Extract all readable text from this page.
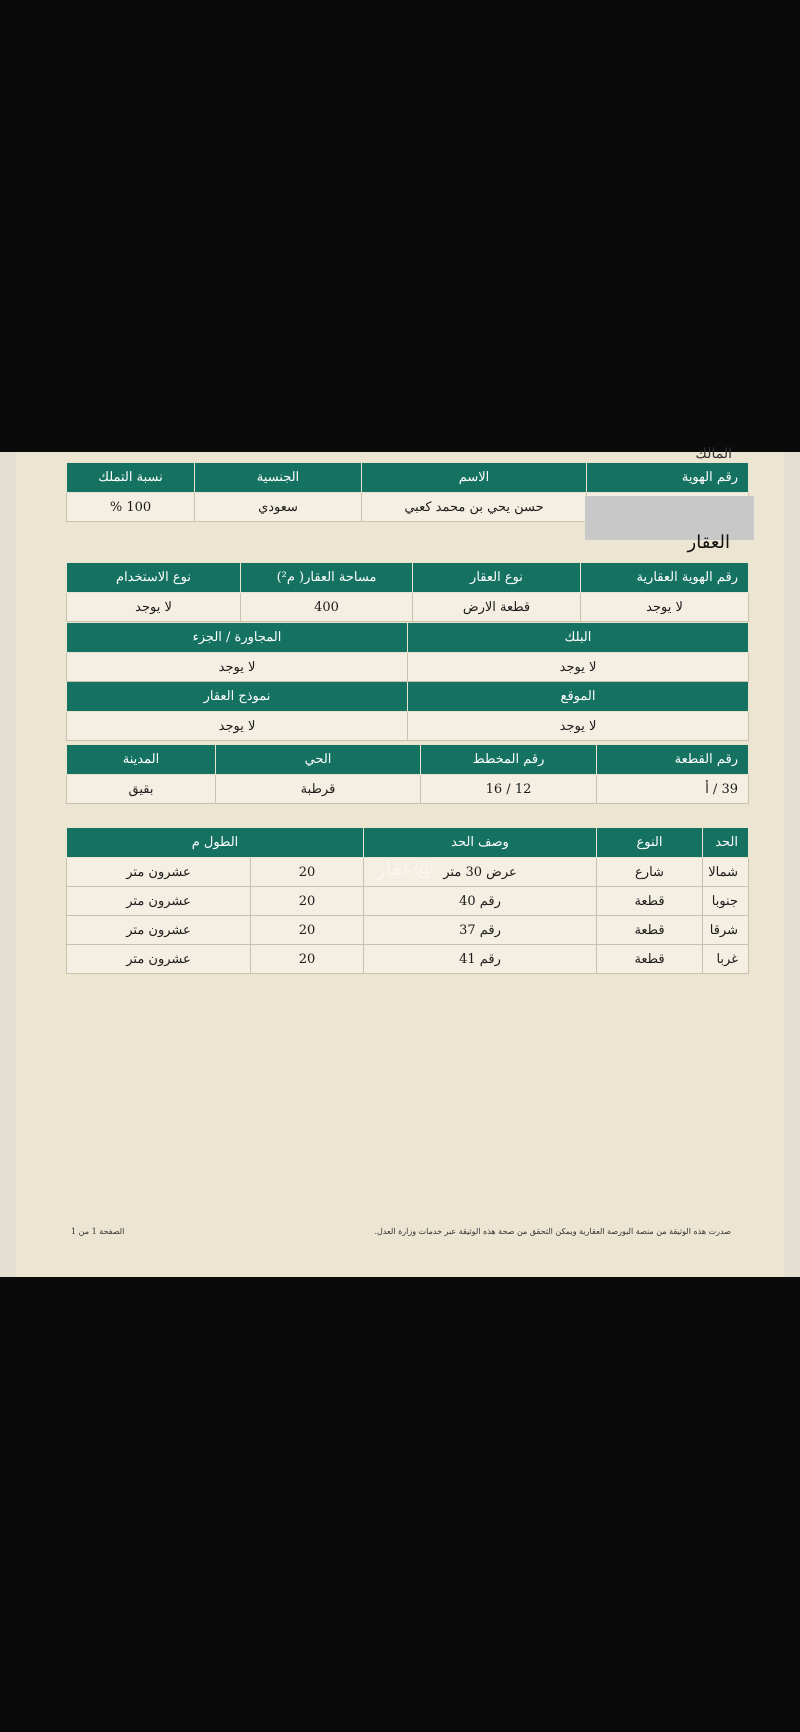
المالك
رقم الهوية	الاسم	الجنسية	نسبة التملك
	حسن يحي بن محمد كعبي	سعودي	100 %
العقار
رقم الهوية العقارية	نوع العقار	مساحة العقار( م²)	نوع الاستخدام
لا يوجد	قطعة الارض	400	لا يوجد
البلك	المجاورة / الجزء
لا يوجد	لا يوجد
الموقع	نموذج العقار
لا يوجد	لا يوجد
رقم القطعة	رقم المخطط	الحي	المدينة
39 / أ	12 / 16	قرطبة	بقيق
الحد	النوع	وصف الحد	الطول م	
شمالا	شارع	عرض 30 متر	20	عشرون متر
جنوبا	قطعة	رقم 40	20	عشرون متر
شرقا	قطعة	رقم 37	20	عشرون متر
غربا	قطعة	رقم 41	20	عشرون متر
عقار@
صدرت هذه الوثيقة من منصة البورصة العقارية ويمكن التحقق من صحة هذه الوثيقة عبر خدمات وزارة العدل.
الصفحة 1 من 1
